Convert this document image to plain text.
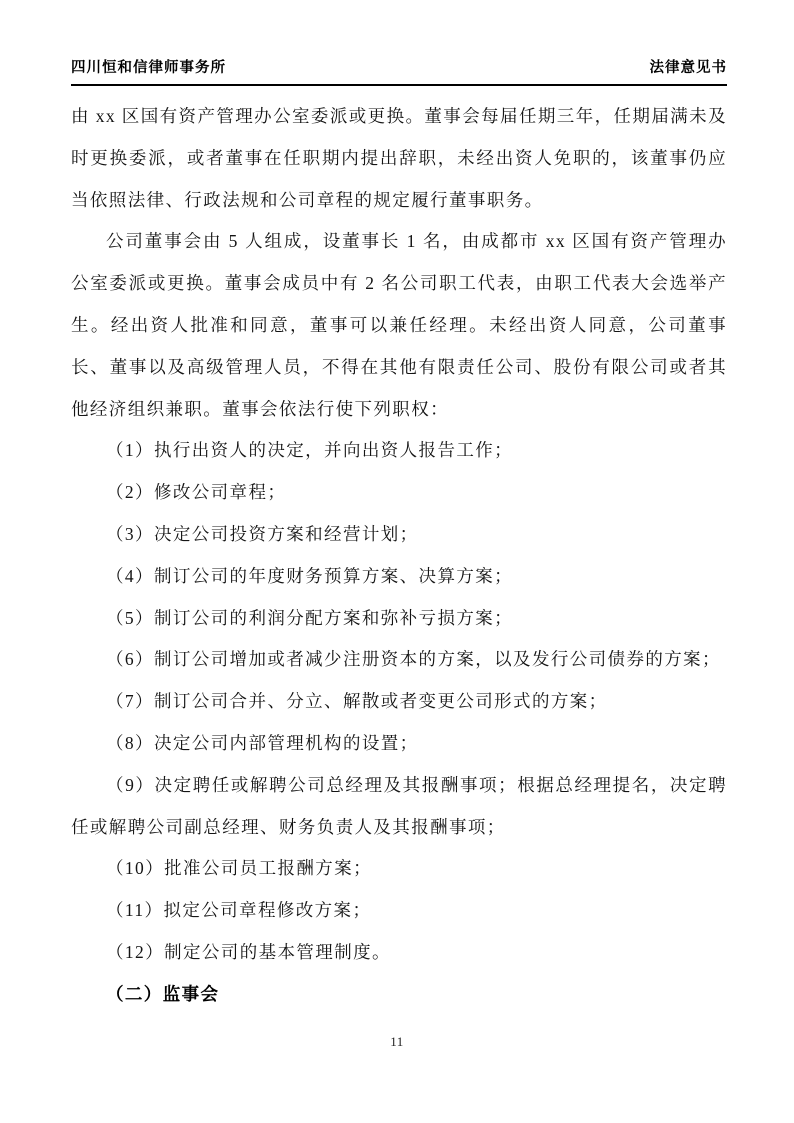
四川恒和信律师事务所	法律意见书

由 xx 区国有资产管理办公室委派或更换。董事会每届任期三年，任期届满未及时更换委派，或者董事在任职期内提出辞职，未经出资人免职的，该董事仍应当依照法律、行政法规和公司章程的规定履行董事职务。

公司董事会由 5 人组成，设董事长 1 名，由成都市 xx 区国有资产管理办公室委派或更换。董事会成员中有 2 名公司职工代表，由职工代表大会选举产生。经出资人批准和同意，董事可以兼任经理。未经出资人同意，公司董事长、董事以及高级管理人员，不得在其他有限责任公司、股份有限公司或者其他经济组织兼职。董事会依法行使下列职权：

（1）执行出资人的决定，并向出资人报告工作；

（2）修改公司章程；

（3）决定公司投资方案和经营计划；

（4）制订公司的年度财务预算方案、决算方案；

（5）制订公司的利润分配方案和弥补亏损方案；

（6）制订公司增加或者减少注册资本的方案，以及发行公司债券的方案；

（7）制订公司合并、分立、解散或者变更公司形式的方案；

（8）决定公司内部管理机构的设置；

（9）决定聘任或解聘公司总经理及其报酬事项；根据总经理提名，决定聘任或解聘公司副总经理、财务负责人及其报酬事项；

（10）批准公司员工报酬方案；

（11）拟定公司章程修改方案；

（12）制定公司的基本管理制度。

（二）监事会

11
